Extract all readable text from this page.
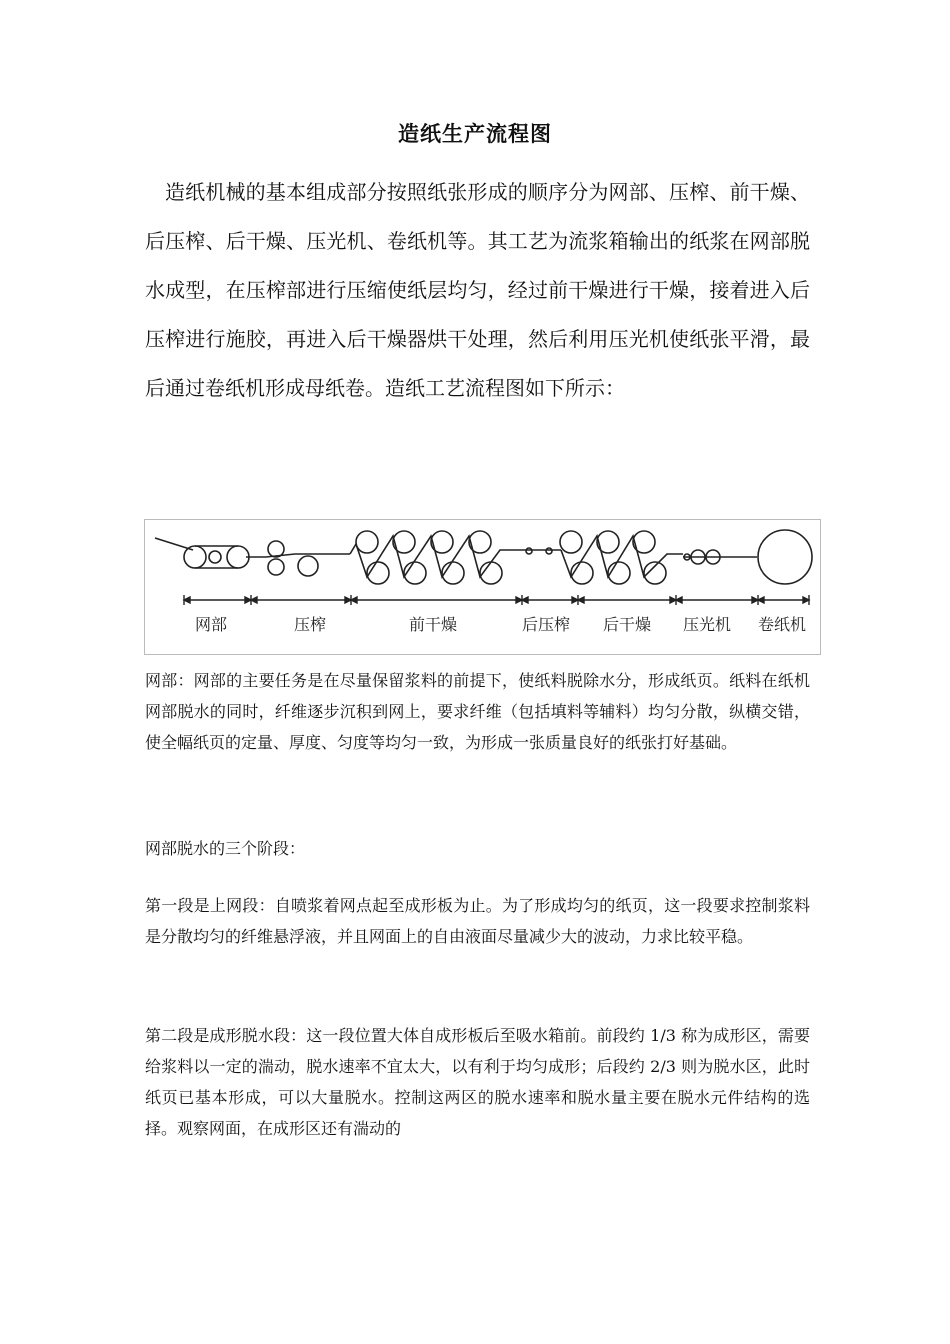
造纸生产流程图

造纸机械的基本组成部分按照纸张形成的顺序分为网部、压榨、前干燥、后压榨、后干燥、压光机、卷纸机等。其工艺为流浆箱输出的纸浆在网部脱水成型，在压榨部进行压缩使纸层均匀，经过前干燥进行干燥，接着进入后压榨进行施胶，再进入后干燥器烘干处理，然后利用压光机使纸张平滑，最后通过卷纸机形成母纸卷。造纸工艺流程图如下所示：

网部	压榨	前干燥	后压榨 后干燥 压光机 卷纸机

网部：网部的主要任务是在尽量保留浆料的前提下，使纸料脱除水分，形成纸页。纸料在纸机网部脱水的同时，纤维逐步沉积到网上，要求纤维（包括填料等辅料）均匀分散，纵横交错，使全幅纸页的定量、厚度、匀度等均匀一致，为形成一张质量良好的纸张打好基础。

网部脱水的三个阶段：

第一段是上网段：自喷浆着网点起至成形板为止。为了形成均匀的纸页，这一段要求控制浆料是分散均匀的纤维悬浮液，并且网面上的自由液面尽量减少大的波动，力求比较平稳。

第二段是成形脱水段：这一段位置大体自成形板后至吸水箱前。前段约 1/3 称为成形区，需要给浆料以一定的湍动，脱水速率不宜太大，以有利于均匀成形；后段约 2/3 则为脱水区，此时纸页已基本形成，可以大量脱水。控制这两区的脱水速率和脱水量主要在脱水元件结构的选择。观察网面，在成形区还有湍动的
